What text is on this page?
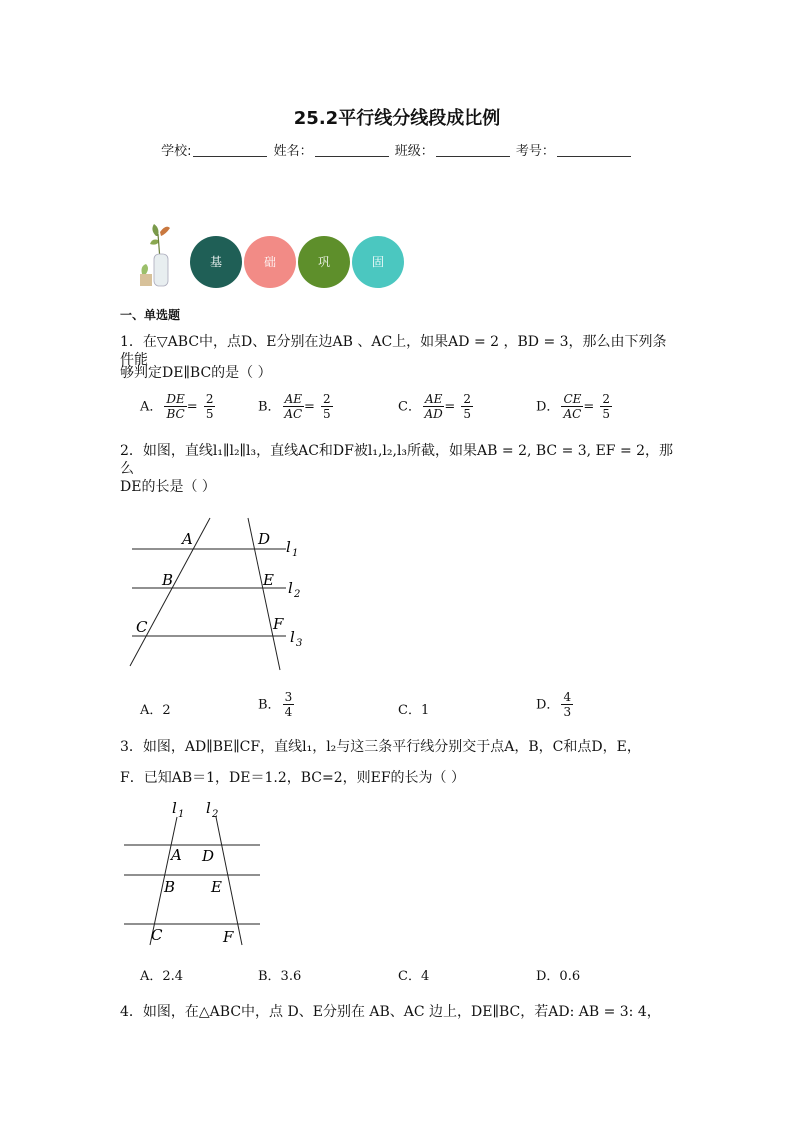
25.2平行线分线段成比例
学校:	姓名：	班级：	考号：
基	础	巩	固
一、单选题
1．在▽ABC中，点D、E分别在边AB 、AC上，如果AD = 2 ，BD = 3，那么由下列条件能
够判定DE∥BC的是（ ）
A． $\frac{DE}{BC} = \frac{2}{5}$	B． $\frac{AE}{AC} = \frac{2}{5}$	C． $\frac{AE}{AD} = \frac{2}{5}$	D． $\frac{CE}{AC} = \frac{2}{5}$
2．如图，直线l₁∥l₂∥l₃，直线AC和DF被l₁,l₂,l₃所截，如果AB = 2, BC = 3, EF = 2，那么
DE的长是（ ）
A
B
C
D
E
F
l 1
l 2
l 3
A．2	B． $\frac{3}{4}$	C．1	D． $\frac{4}{3}$
3．如图，AD∥BE∥CF，直线l₁，l₂与这三条平行线分别交于点A，B，C和点D，E，
F．已知AB＝1，DE＝1.2，BC=2，则EF的长为（ ）
l 1 l 2
A D
B E
C	F
A．2.4	B．3.6	C．4	D．0.6
4．如图，在△ABC中，点 D、E分别在 AB、AC 边上，DE∥BC，若AD: AB = 3: 4，
